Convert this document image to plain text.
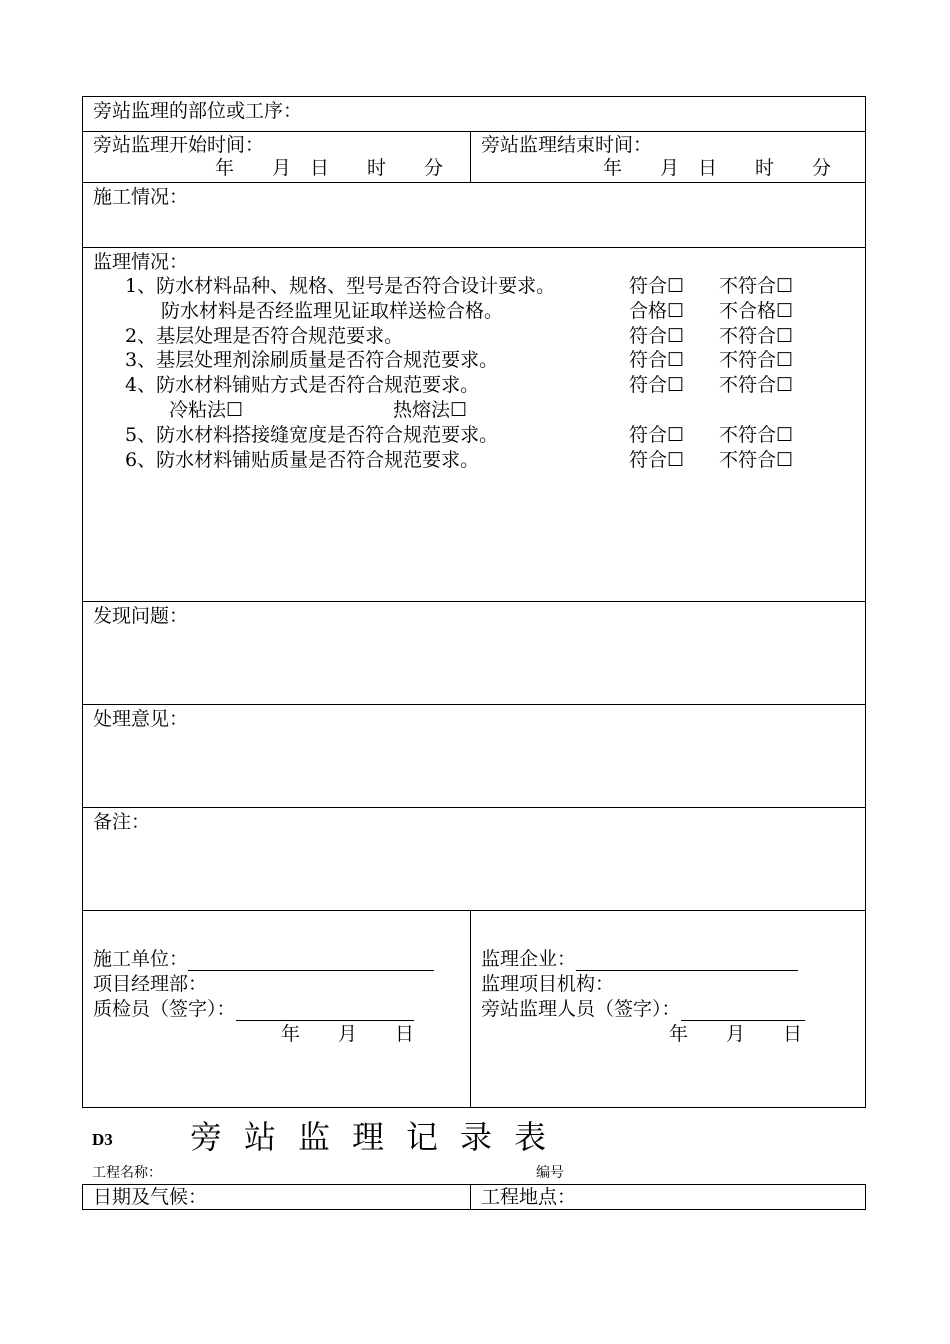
旁站监理的部位或工序：
旁站监理开始时间：
年　　月　日　　时　　分
旁站监理结束时间：
年　　月　日　　时　　分
施工情况：
监理情况：
1、防水材料品种、规格、型号是否符合设计要求。	符合☐ 不符合☐
防水材料是否经监理见证取样送检合格。	合格☐ 不合格☐
2、基层处理是否符合规范要求。	符合☐ 不符合☐
3、基层处理剂涂刷质量是否符合规范要求。	符合☐ 不符合☐
4、防水材料铺贴方式是否符合规范要求。	符合☐ 不符合☐
冷粘法☐	热熔法☐
5、防水材料搭接缝宽度是否符合规范要求。	符合☐ 不符合☐
6、防水材料铺贴质量是否符合规范要求。	符合☐ 不符合☐
发现问题：
处理意见：
备注：
施工单位：
项目经理部：
质检员（签字）：
年　　月　　日
监理企业：
监理项目机构：
旁站监理人员（签字）：
年　　月　　日
D3 旁站监理记录表
工程名称：	编号
日期及气候：	工程地点：
